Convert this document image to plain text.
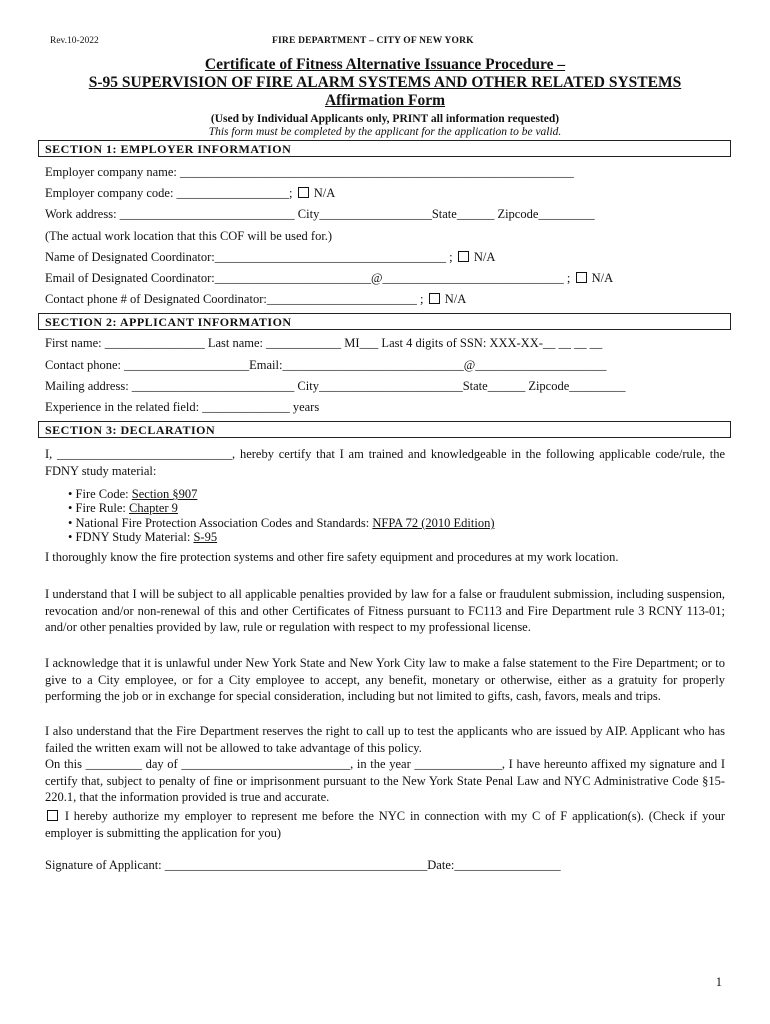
Rev.10-2022	FIRE DEPARTMENT – CITY OF NEW YORK
Certificate of Fitness Alternative Issuance Procedure –
S-95 SUPERVISION OF FIRE ALARM SYSTEMS AND OTHER RELATED SYSTEMS
Affirmation Form
(Used by Individual Applicants only, PRINT all information requested)
This form must be completed by the applicant for the application to be valid.
SECTION 1: EMPLOYER INFORMATION
Employer company name: _______________________________________________________________
Employer company code: __________________; N/A
Work address: ____________________________ City__________________State______ Zipcode_________
(The actual work location that this COF will be used for.)
Name of Designated Coordinator:_____________________________________ ; N/A
Email of Designated Coordinator:_________________________@_____________________________ ; N/A
Contact phone # of Designated Coordinator:________________________ ; N/A
SECTION 2: APPLICANT INFORMATION
First name: ________________ Last name: ____________ MI___ Last 4 digits of SSN: XXX-XX-__ __ __ __
Contact phone: ____________________Email:_____________________________@_____________________
Mailing address: __________________________ City_______________________State______ Zipcode_________
Experience in the related field: ______________ years
SECTION 3: DECLARATION
I, ____________________________, hereby certify that I am trained and knowledgeable in the following applicable code/rule, the FDNY study material:
• Fire Code: Section §907
• Fire Rule: Chapter 9
• National Fire Protection Association Codes and Standards: NFPA 72 (2010 Edition)
• FDNY Study Material: S-95
I thoroughly know the fire protection systems and other fire safety equipment and procedures at my work location.
I understand that I will be subject to all applicable penalties provided by law for a false or fraudulent submission, including suspension, revocation and/or non-renewal of this and other Certificates of Fitness pursuant to FC113 and Fire Department rule 3 RCNY 113-01; and/or other penalties provided by law, rule or regulation with respect to my professional license.
I acknowledge that it is unlawful under New York State and New York City law to make a false statement to the Fire Department; or to give to a City employee, or for a City employee to accept, any benefit, monetary or otherwise, either as a gratuity for properly performing the job or in exchange for special consideration, including but not limited to gifts, cash, favors, meals and trips.
I also understand that the Fire Department reserves the right to call up to test the applicants who are issued by AIP. Applicant who has failed the written exam will not be allowed to take advantage of this policy.
On this _________ day of ___________________________, in the year ______________, I have hereunto affixed my signature and I certify that, subject to penalty of fine or imprisonment pursuant to the New York State Penal Law and NYC Administrative Code §15-220.1, that the information provided is true and accurate.
I hereby authorize my employer to represent me before the NYC in connection with my C of F application(s). (Check if your employer is submitting the application for you)
Signature of Applicant: __________________________________________Date:_________________
1
